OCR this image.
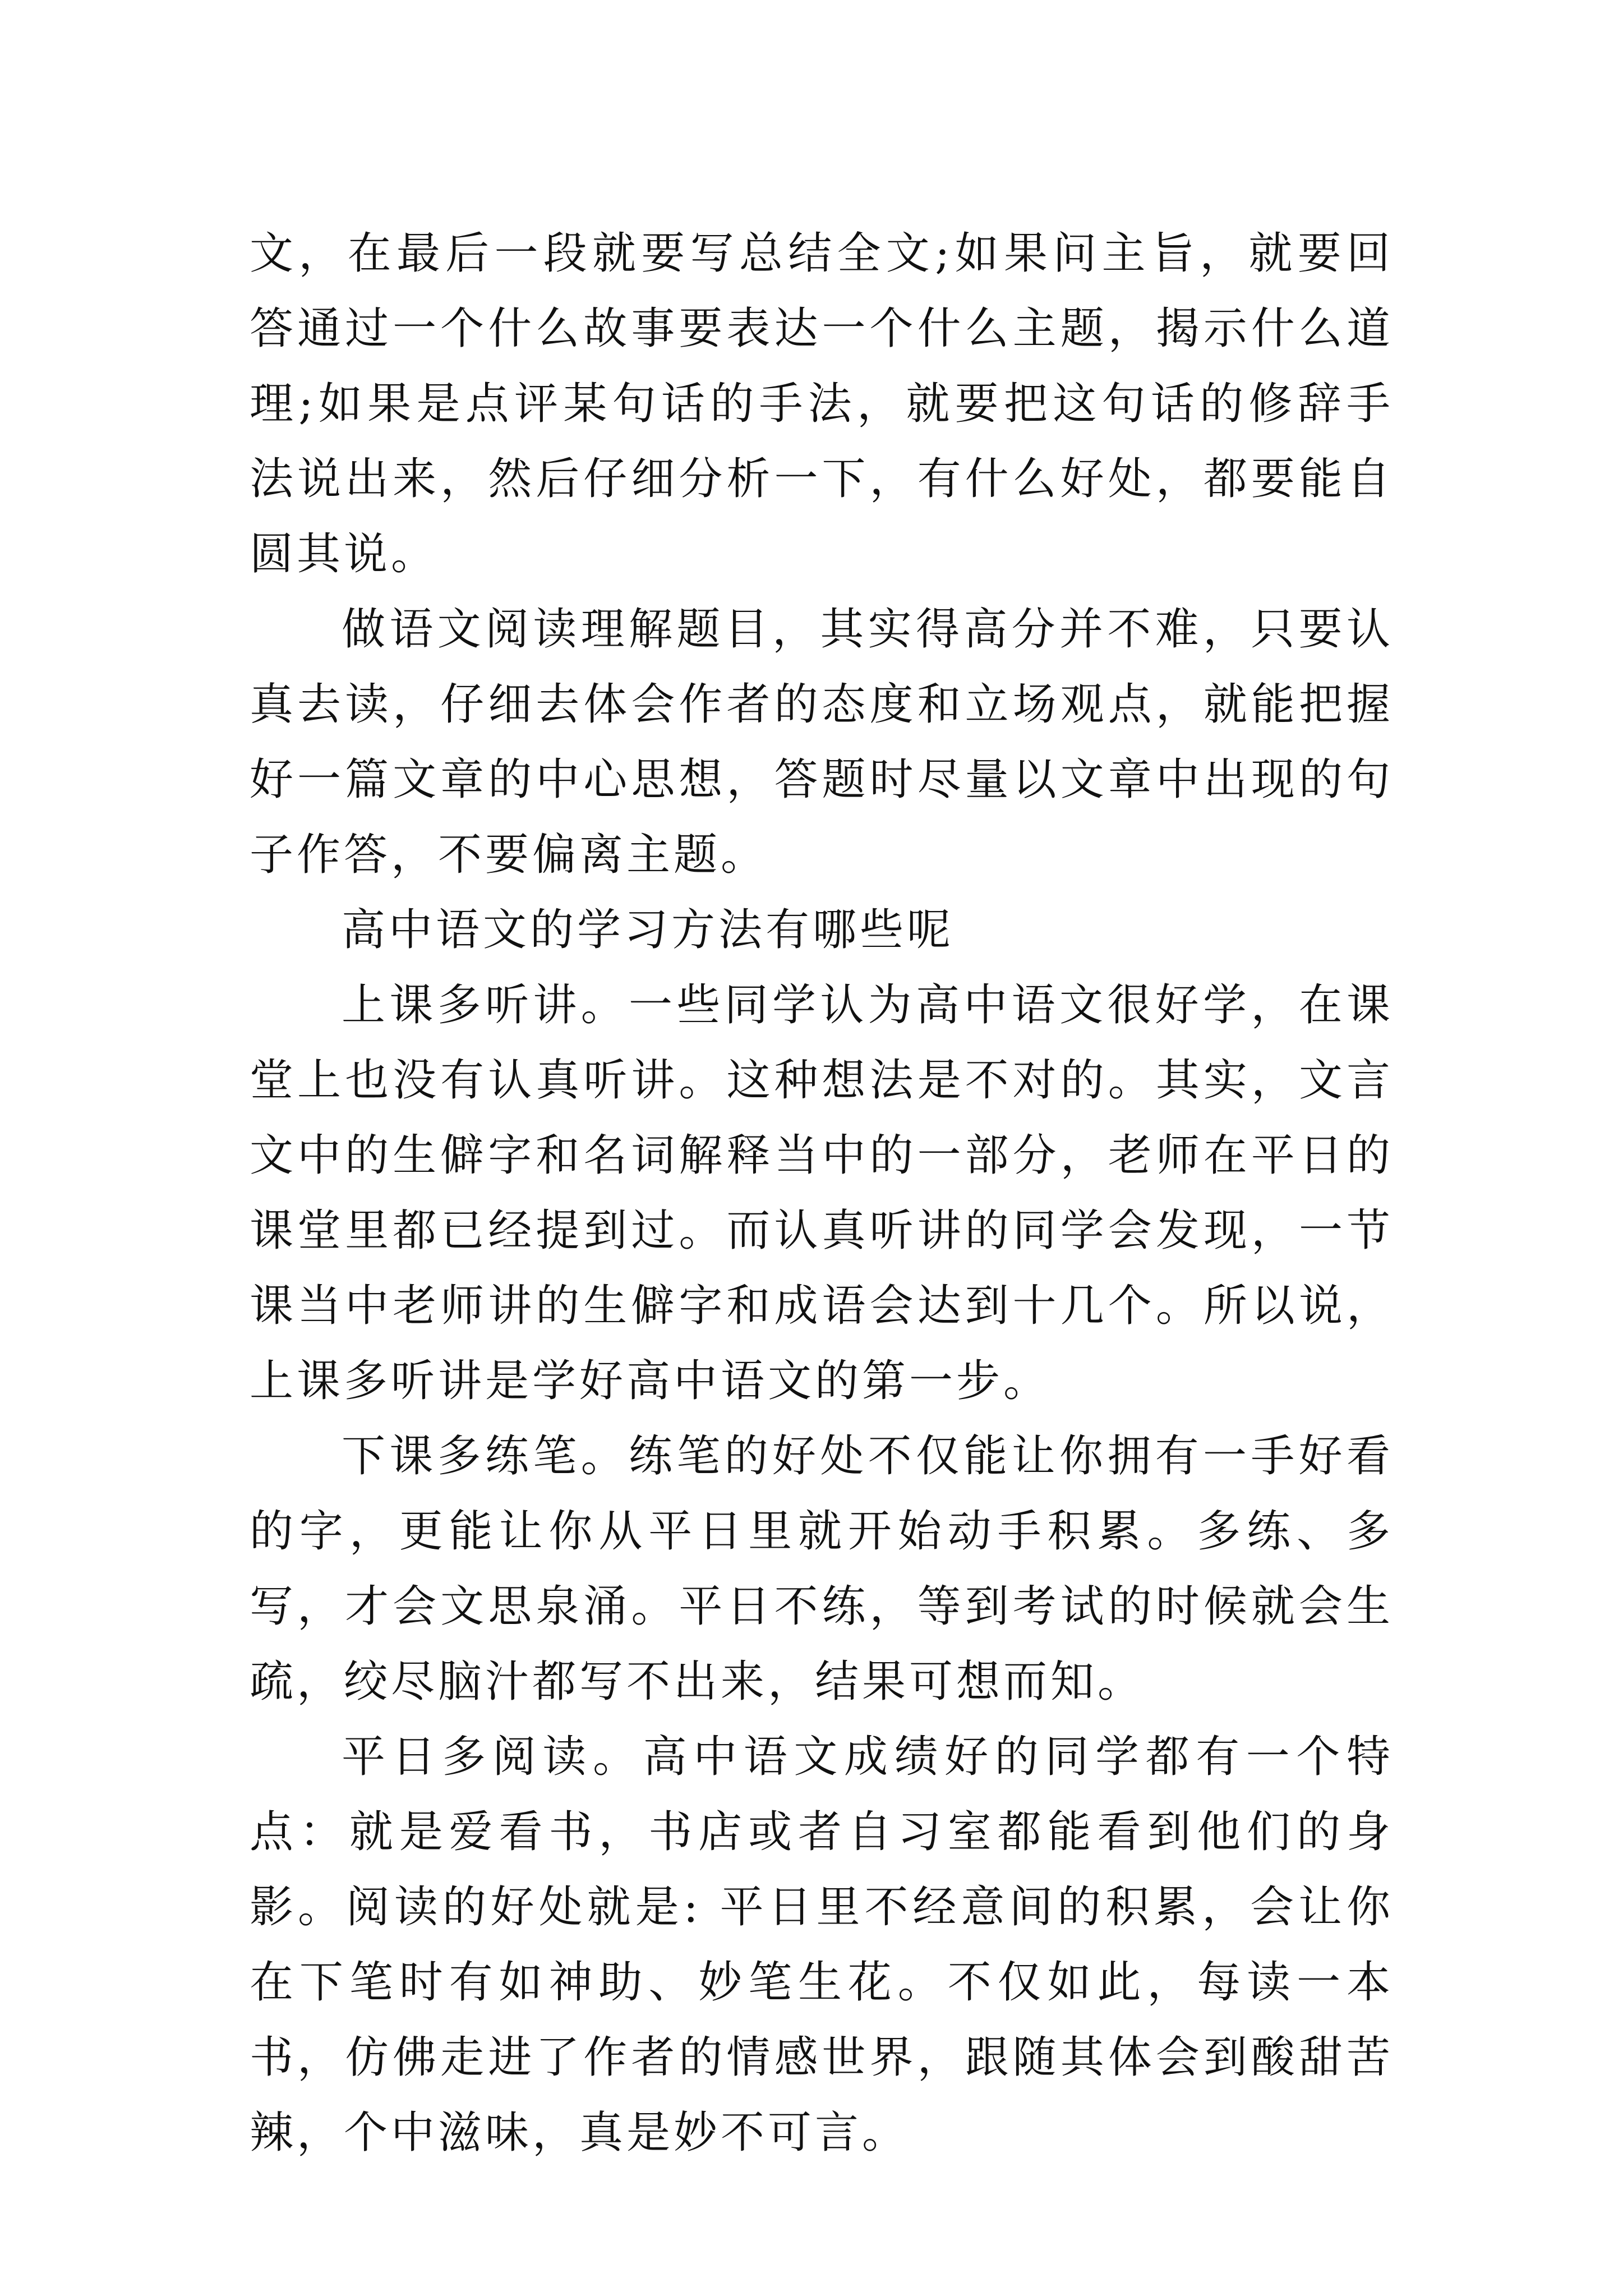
文，在最后一段就要写总结全文;如果问主旨，就要回答通过一个什么故事要表达一个什么主题，揭示什么道理;如果是点评某句话的手法，就要把这句话的修辞手法说出来，然后仔细分析一下，有什么好处，都要能自圆其说。

做语文阅读理解题目，其实得高分并不难，只要认真去读，仔细去体会作者的态度和立场观点，就能把握好一篇文章的中心思想，答题时尽量以文章中出现的句子作答，不要偏离主题。

高中语文的学习方法有哪些呢

上课多听讲。一些同学认为高中语文很好学，在课堂上也没有认真听讲。这种想法是不对的。其实，文言文中的生僻字和名词解释当中的一部分，老师在平日的课堂里都已经提到过。而认真听讲的同学会发现，一节课当中老师讲的生僻字和成语会达到十几个。所以说，上课多听讲是学好高中语文的第一步。

下课多练笔。练笔的好处不仅能让你拥有一手好看的字，更能让你从平日里就开始动手积累。多练、多写，才会文思泉涌。平日不练，等到考试的时候就会生疏，绞尽脑汁都写不出来，结果可想而知。

平日多阅读。高中语文成绩好的同学都有一个特点：就是爱看书，书店或者自习室都能看到他们的身影。阅读的好处就是: 平日里不经意间的积累，会让你在下笔时有如神助、妙笔生花。不仅如此，每读一本书，仿佛走进了作者的情感世界，跟随其体会到酸甜苦辣，个中滋味，真是妙不可言。
